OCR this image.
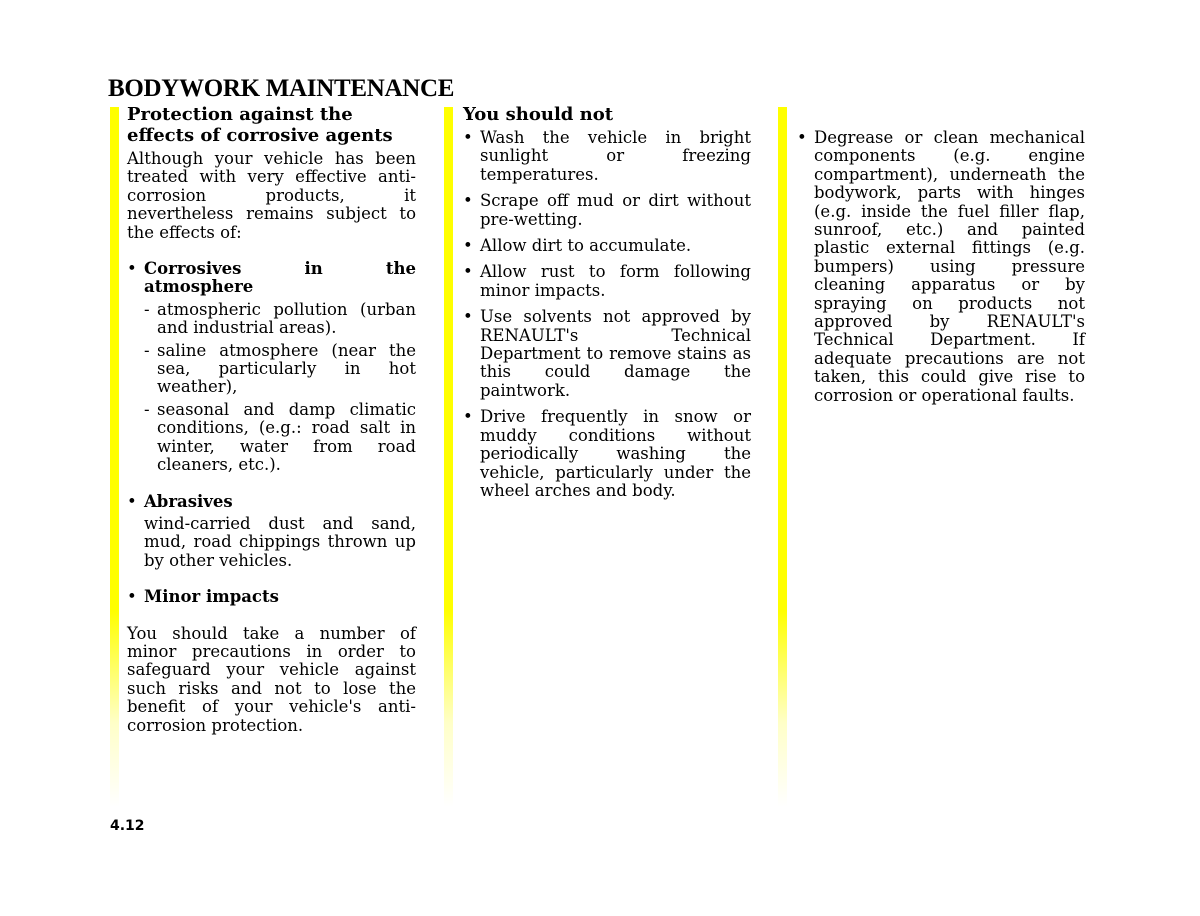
BODYWORK MAINTENANCE
Protection against the effects of corrosive agents

Although your vehicle has been treated with very effective anti-corrosion products, it nevertheless remains subject to the effects of:

• Corrosives in the atmosphere
- atmospheric pollution (urban and industrial areas).
- saline atmosphere (near the sea, particularly in hot weather),
- seasonal and damp climatic conditions, (e.g.: road salt in winter, water from road cleaners, etc.).
• Abrasives
wind-carried dust and sand, mud, road chippings thrown up by other vehicles.
• Minor impacts

You should take a number of minor precautions in order to safeguard your vehicle against such risks and not to lose the benefit of your vehicle's anti-corrosion protection.

You should not
• Wash the vehicle in bright sunlight or freezing temperatures.
• Scrape off mud or dirt without pre-wetting.
• Allow dirt to accumulate.
• Allow rust to form following minor impacts.
• Use solvents not approved by RENAULT's Technical Department to remove stains as this could damage the paintwork.
• Drive frequently in snow or muddy conditions without periodically washing the vehicle, particularly under the wheel arches and body.
• Degrease or clean mechanical components (e.g. engine compartment), underneath the bodywork, parts with hinges (e.g. inside the fuel filler flap, sunroof, etc.) and painted plastic external fittings (e.g. bumpers) using pressure cleaning apparatus or by spraying on products not approved by RENAULT's Technical Department. If adequate precautions are not taken, this could give rise to corrosion or operational faults.
4.12
